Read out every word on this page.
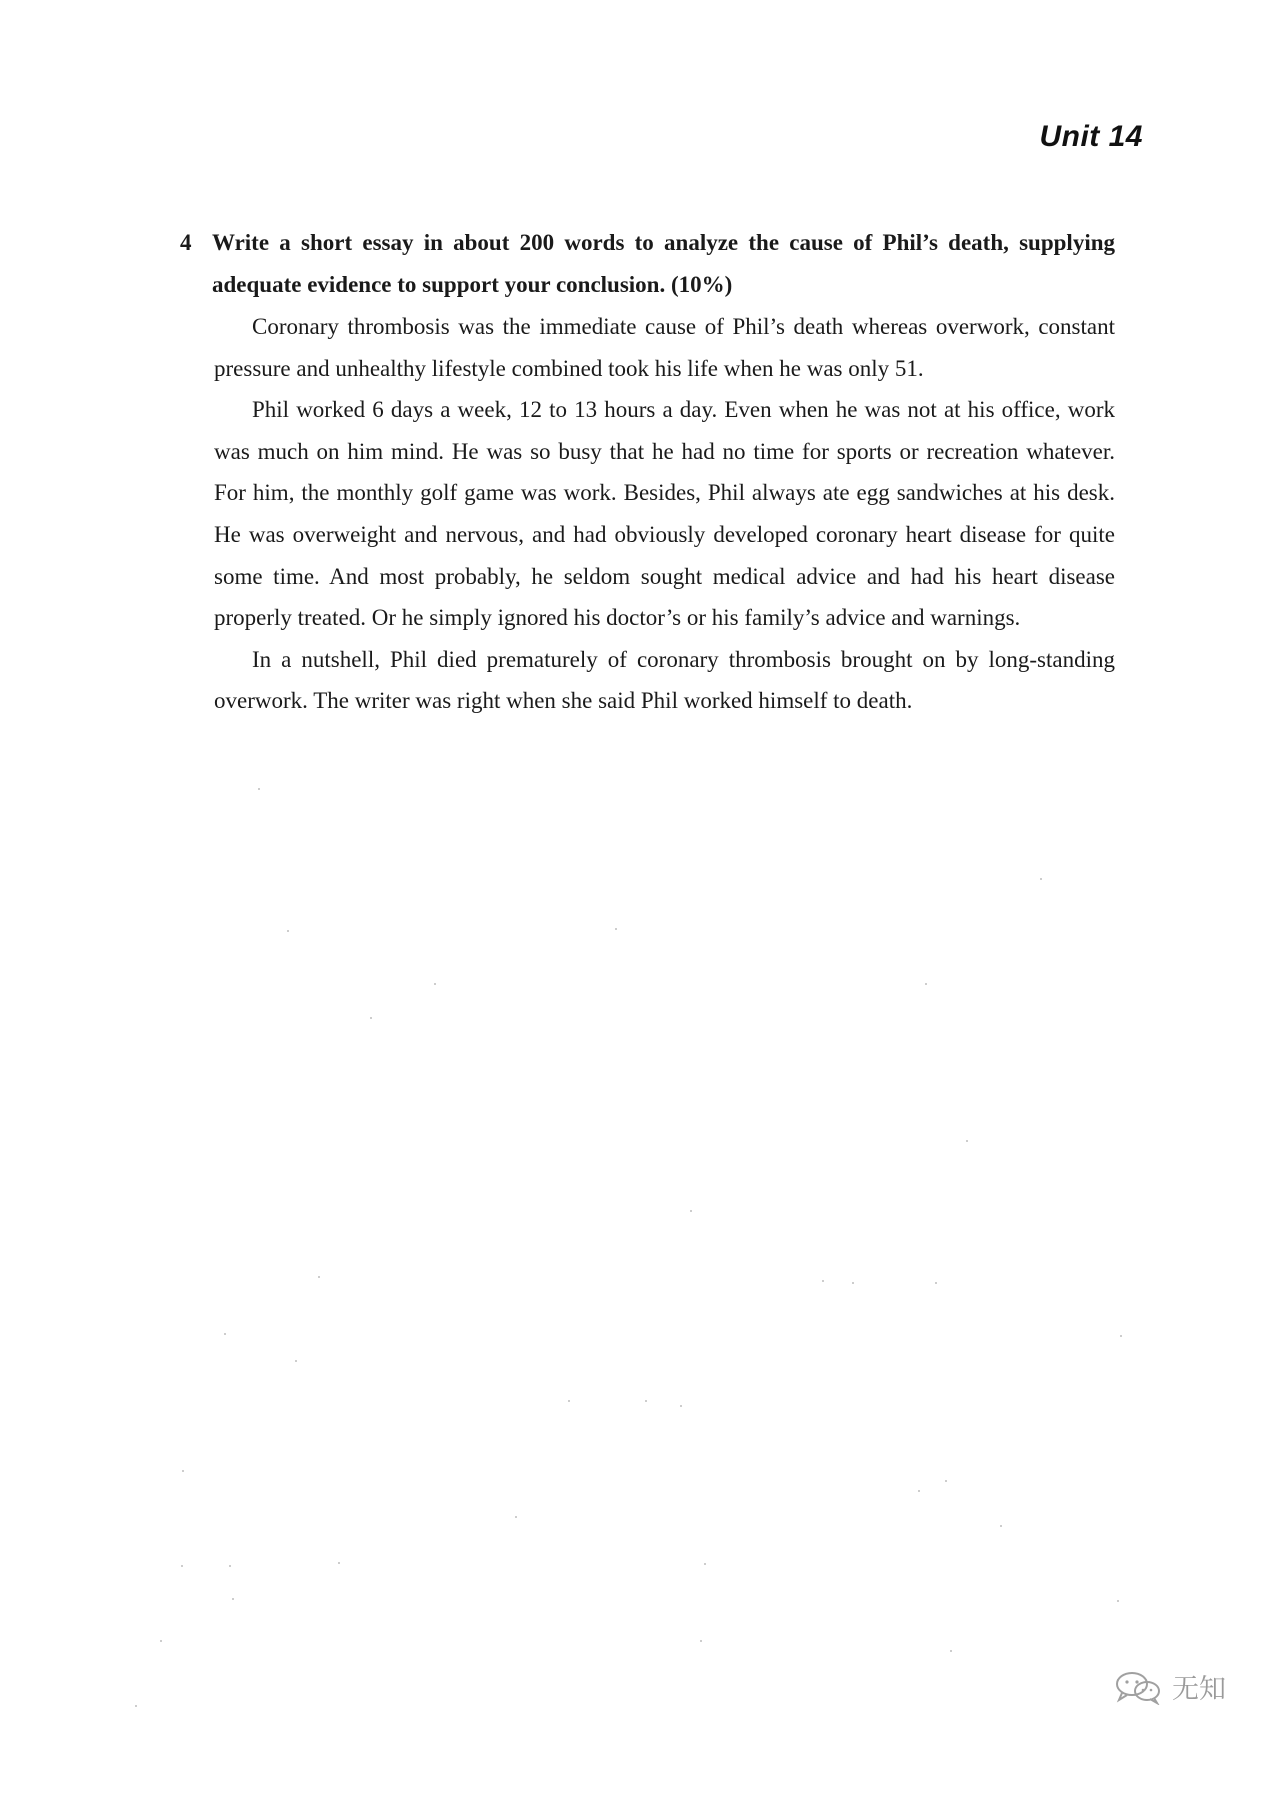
Unit 14
4 Write a short essay in about 200 words to analyze the cause of Phil’s death, supplying adequate evidence to support your conclusion. (10%)

Coronary thrombosis was the immediate cause of Phil’s death whereas overwork, constant pressure and unhealthy lifestyle combined took his life when he was only 51.

Phil worked 6 days a week, 12 to 13 hours a day. Even when he was not at his office, work was much on him mind. He was so busy that he had no time for sports or recreation whatever. For him, the monthly golf game was work. Besides, Phil always ate egg sandwiches at his desk. He was overweight and nervous, and had obviously developed coronary heart disease for quite some time. And most probably, he seldom sought medical advice and had his heart disease properly treated. Or he simply ignored his doctor’s or his family’s advice and warnings.

In a nutshell, Phil died prematurely of coronary thrombosis brought on by long-standing overwork. The writer was right when she said Phil worked himself to death.

无知
